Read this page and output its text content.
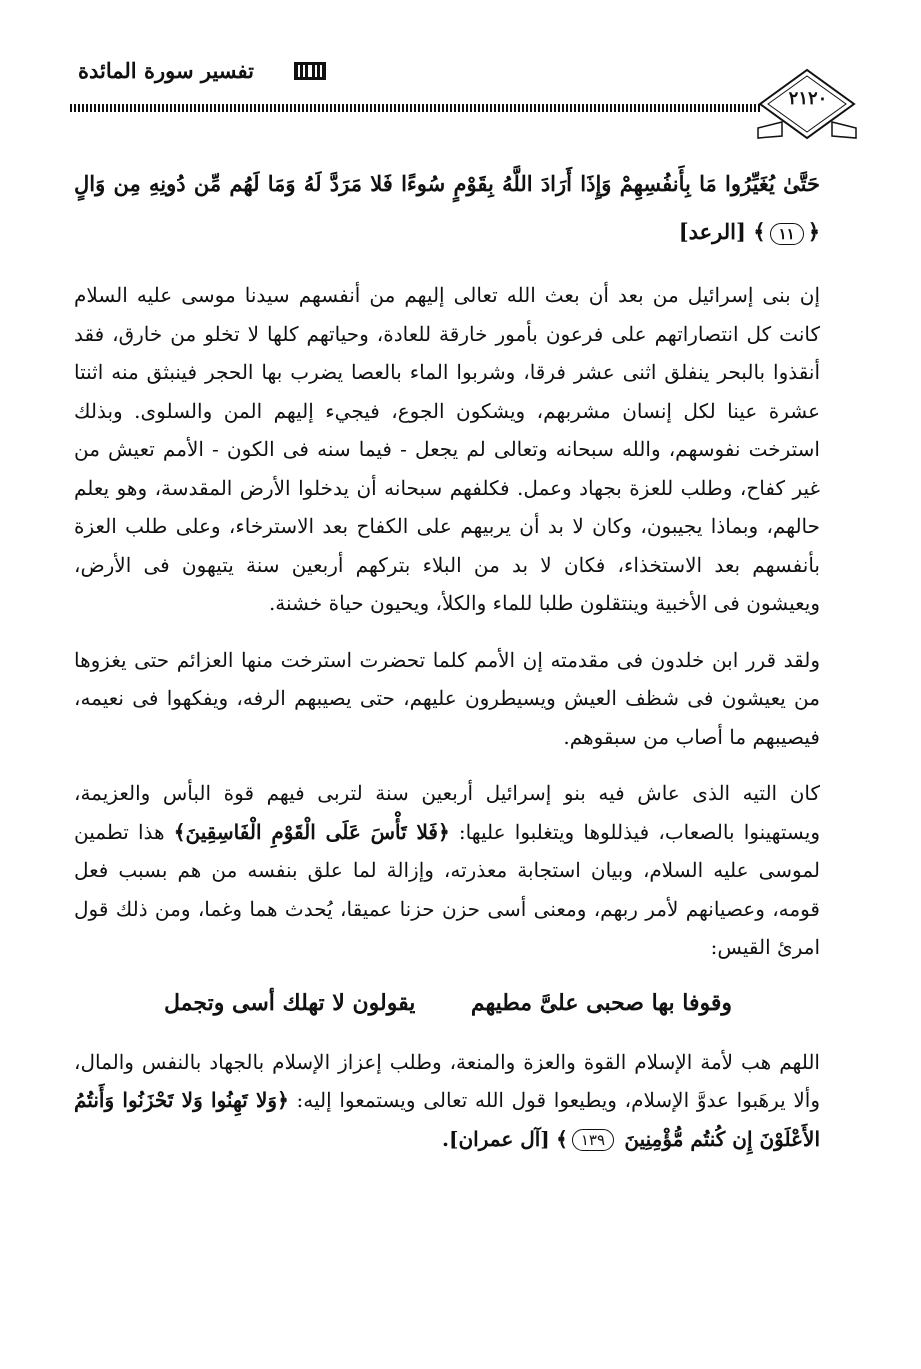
تفسير سورة المائدة
٢١٢٠

حَتَّىٰ يُغَيِّرُوا مَا بِأَنفُسِهِمْ وَإِذَا أَرَادَ اللَّهُ بِقَوْمٍ سُوءًا فَلا مَرَدَّ لَهُ وَمَا لَهُم مِّن دُونِهِ مِن وَالٍ ﴿١١﴾ [الرعد]

إن بنى إسرائيل من بعد أن بعث الله تعالى إليهم من أنفسهم سيدنا موسى عليه السلام كانت كل انتصاراتهم على فرعون بأمور خارقة للعادة، وحياتهم كلها لا تخلو من خارق، فقد أنقذوا بالبحر ينفلق اثنى عشر فرقا، وشربوا الماء بالعصا يضرب بها الحجر فينبثق منه اثنتا عشرة عينا لكل إنسان مشربهم، ويشكون الجوع، فيجيء إليهم المن والسلوى. وبذلك استرخت نفوسهم، والله سبحانه وتعالى لم يجعل - فيما سنه فى الكون - الأمم تعيش من غير كفاح، وطلب للعزة بجهاد وعمل. فكلفهم سبحانه أن يدخلوا الأرض المقدسة، وهو يعلم حالهم، وبماذا يجيبون، وكان لا بد أن يربيهم على الكفاح بعد الاسترخاء، وعلى طلب العزة بأنفسهم بعد الاستخذاء، فكان لا بد من البلاء بتركهم أربعين سنة يتيهون فى الأرض، ويعيشون فى الأخبية وينتقلون طلبا للماء والكلأ، ويحيون حياة خشنة.

ولقد قرر ابن خلدون فى مقدمته إن الأمم كلما تحضرت استرخت منها العزائم حتى يغزوها من يعيشون فى شظف العيش ويسيطرون عليهم، حتى يصيبهم الرفه، ويفكهوا فى نعيمه، فيصيبهم ما أصاب من سبقوهم.

كان التيه الذى عاش فيه بنو إسرائيل أربعين سنة لتربى فيهم قوة البأس والعزيمة، ويستهينوا بالصعاب، فيذللوها ويتغلبوا عليها: ﴿فَلا تَأْسَ عَلَى الْقَوْمِ الْفَاسِقِينَ﴾ هذا تطمين لموسى عليه السلام، وبيان استجابة معذرته، وإزالة لما علق بنفسه من هم بسبب فعل قومه، وعصيانهم لأمر ربهم، ومعنى أسى حزن حزنا عميقا، يُحدث هما وغما، ومن ذلك قول امرئ القيس:

وقوفا بها صحبى علىَّ مطيهم
يقولون لا تهلك أسى وتجمل

اللهم هب لأمة الإسلام القوة والعزة والمنعة، وطلب إعزاز الإسلام بالجهاد بالنفس والمال، وألا يرهَبوا عدوَّ الإسلام، ويطيعوا قول الله تعالى ويستمعوا إليه: ﴿وَلا تَهِنُوا وَلا تَحْزَنُوا وَأَنتُمُ الأَعْلَوْنَ إِن كُنتُم مُّؤْمِنِينَ ١٣٩﴾ [آل عمران].
